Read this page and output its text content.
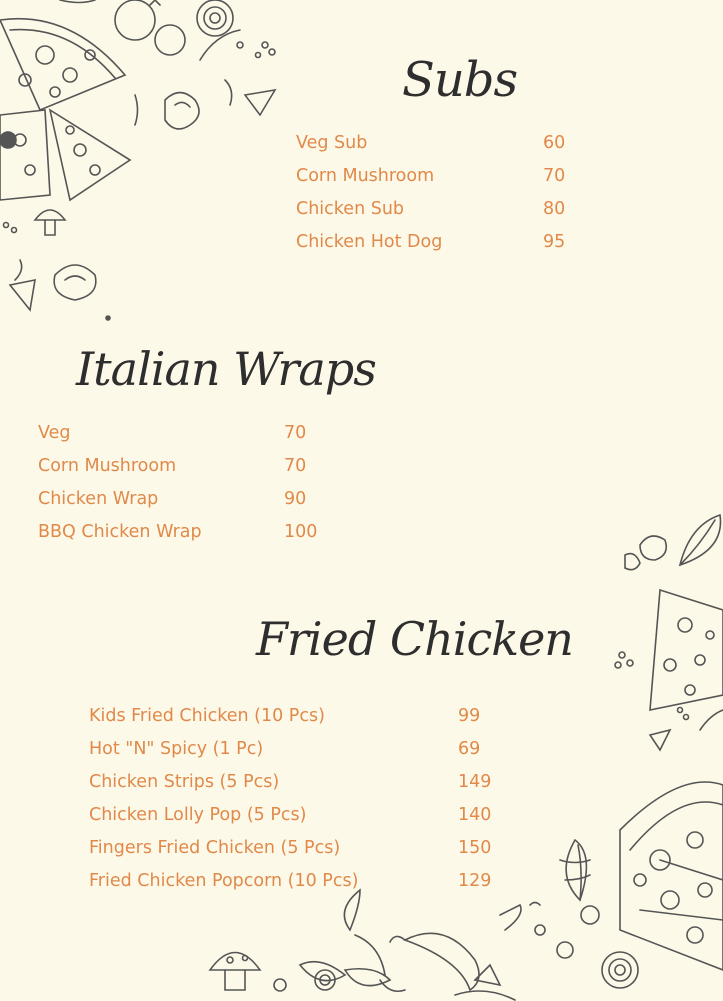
Subs
Veg Sub	60
Corn Mushroom	70
Chicken Sub	80
Chicken Hot Dog	95
Italian Wraps
Veg	70
Corn Mushroom	70
Chicken Wrap	90
BBQ Chicken Wrap	100
Fried Chicken
Kids Fried Chicken (10 Pcs)	99
Hot "N" Spicy (1 Pc)	69
Chicken Strips (5 Pcs)	149
Chicken Lolly Pop (5 Pcs)	140
Fingers Fried Chicken (5 Pcs)	150
Fried Chicken Popcorn (10 Pcs)	129
